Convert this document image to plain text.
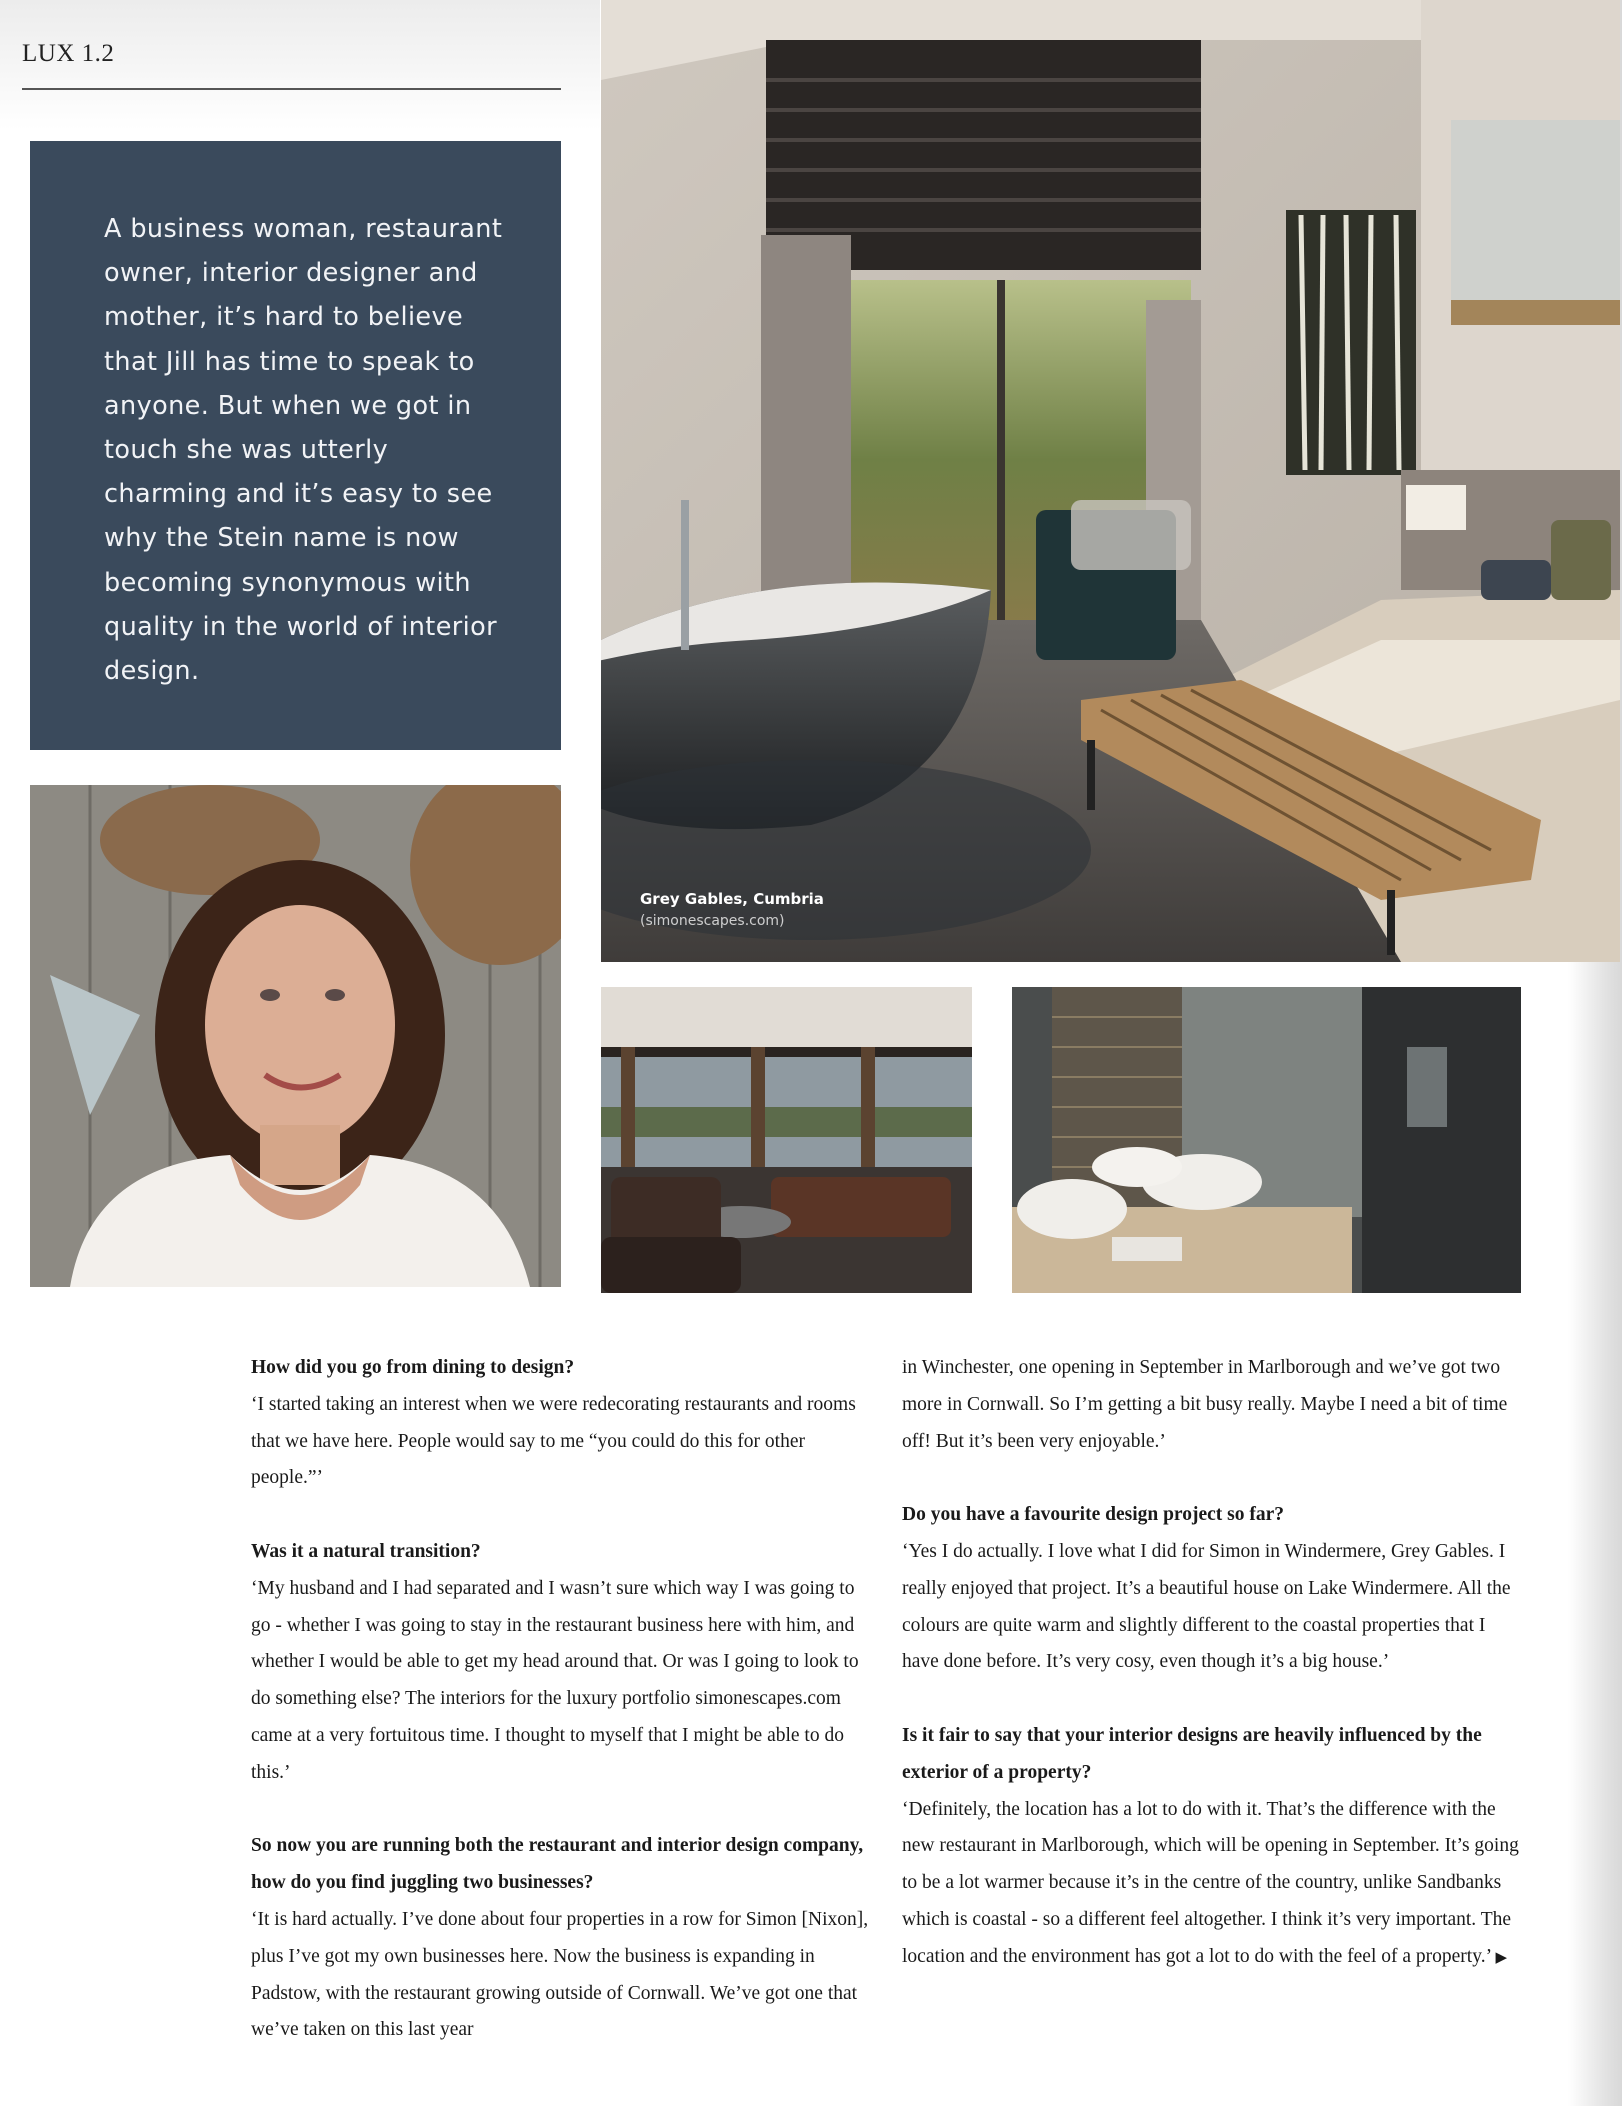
LUX 1.2

A business woman, restaurant owner, interior designer and mother, it’s hard to believe that Jill has time to speak to anyone. But when we got in touch she was utterly charming and it’s easy to see why the Stein name is now becoming synonymous with quality in the world of interior design.

Grey Gables, Cumbria
(simonescapes.com)

How did you go from dining to design?

‘I started taking an interest when we were redecorating restaurants and rooms that we have here. People would say to me “you could do this for other people.”’

Was it a natural transition?

‘My husband and I had separated and I wasn’t sure which way I was going to go - whether I was going to stay in the restaurant business here with him, and whether I would be able to get my head around that. Or was I going to look to do something else? The interiors for the luxury portfolio simonescapes.com came at a very fortuitous time. I thought to myself that I might be able to do this.’

So now you are running both the restaurant and interior design company, how do you find juggling two businesses?

‘It is hard actually. I’ve done about four properties in a row for Simon [Nixon], plus I’ve got my own businesses here. Now the business is expanding in Padstow, with the restaurant growing outside of Cornwall. We’ve got one that we’ve taken on this last year

in Winchester, one opening in September in Marlborough and we’ve got two more in Cornwall. So I’m getting a bit busy really. Maybe I need a bit of time off! But it’s been very enjoyable.’

Do you have a favourite design project so far?

‘Yes I do actually. I love what I did for Simon in Windermere, Grey Gables. I really enjoyed that project. It’s a beautiful house on Lake Windermere. All the colours are quite warm and slightly different to the coastal properties that I have done before. It’s very cosy, even though it’s a big house.’

Is it fair to say that your interior designs are heavily influenced by the exterior of a property?

‘Definitely, the location has a lot to do with it. That’s the difference with the new restaurant in Marlborough, which will be opening in September. It’s going to be a lot warmer because it’s in the centre of the country, unlike Sandbanks which is coastal - so a different feel altogether. I think it’s very important. The location and the environment has got a lot to do with the feel of a property.’ ▶
